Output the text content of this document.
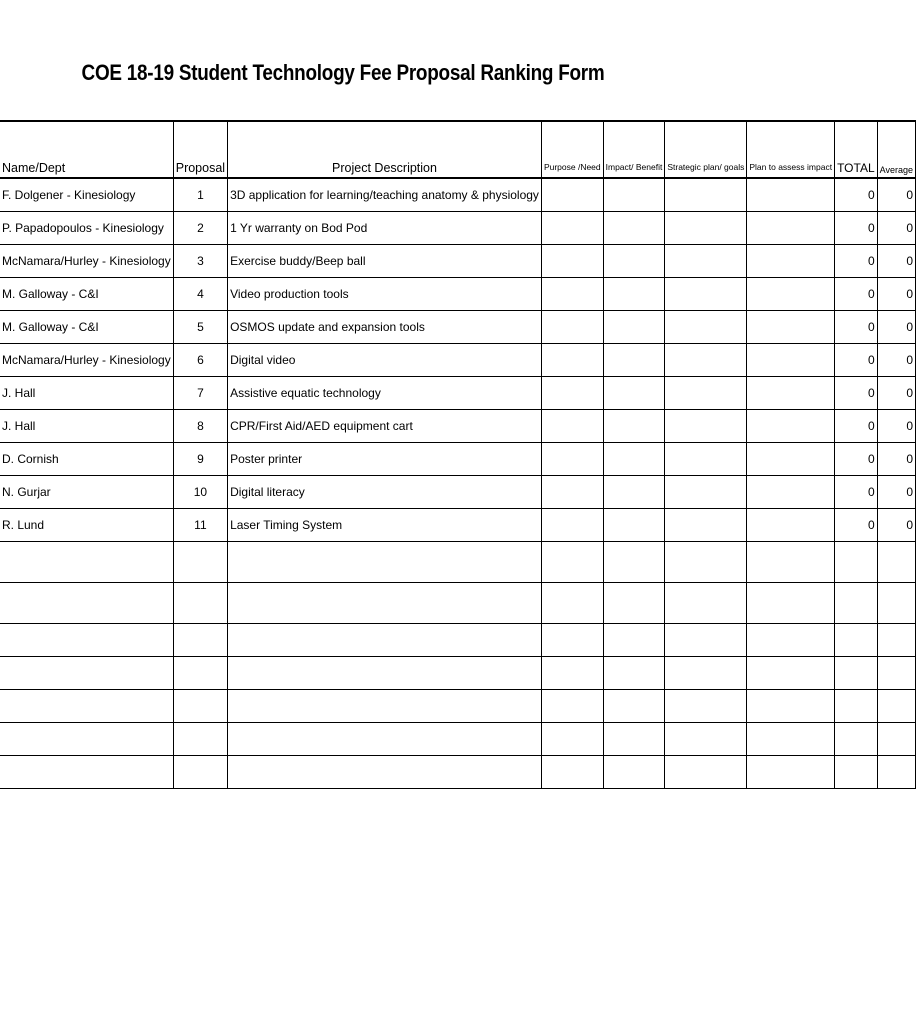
COE 18-19 Student Technology Fee Proposal Ranking Form
Name/Dept	Proposal	Project Description	Purpose /Need	Impact/ Benefit	Strategic plan/ goals	Plan to assess impact	TOTAL	Average
F. Dolgener - Kinesiology	1	3D application for learning/teaching anatomy & physiology					0	0
P. Papadopoulos - Kinesiology	2	1 Yr warranty on Bod Pod					0	0
McNamara/Hurley - Kinesiology	3	Exercise buddy/Beep ball					0	0
M. Galloway - C&I	4	Video production tools					0	0
M. Galloway - C&I	5	OSMOS update and expansion tools					0	0
McNamara/Hurley - Kinesiology	6	Digital video					0	0
J. Hall	7	Assistive equatic technology					0	0
J. Hall	8	CPR/First Aid/AED equipment cart					0	0
D. Cornish	9	Poster printer					0	0
N. Gurjar	10	Digital literacy					0	0
R. Lund	11	Laser Timing System					0	0
